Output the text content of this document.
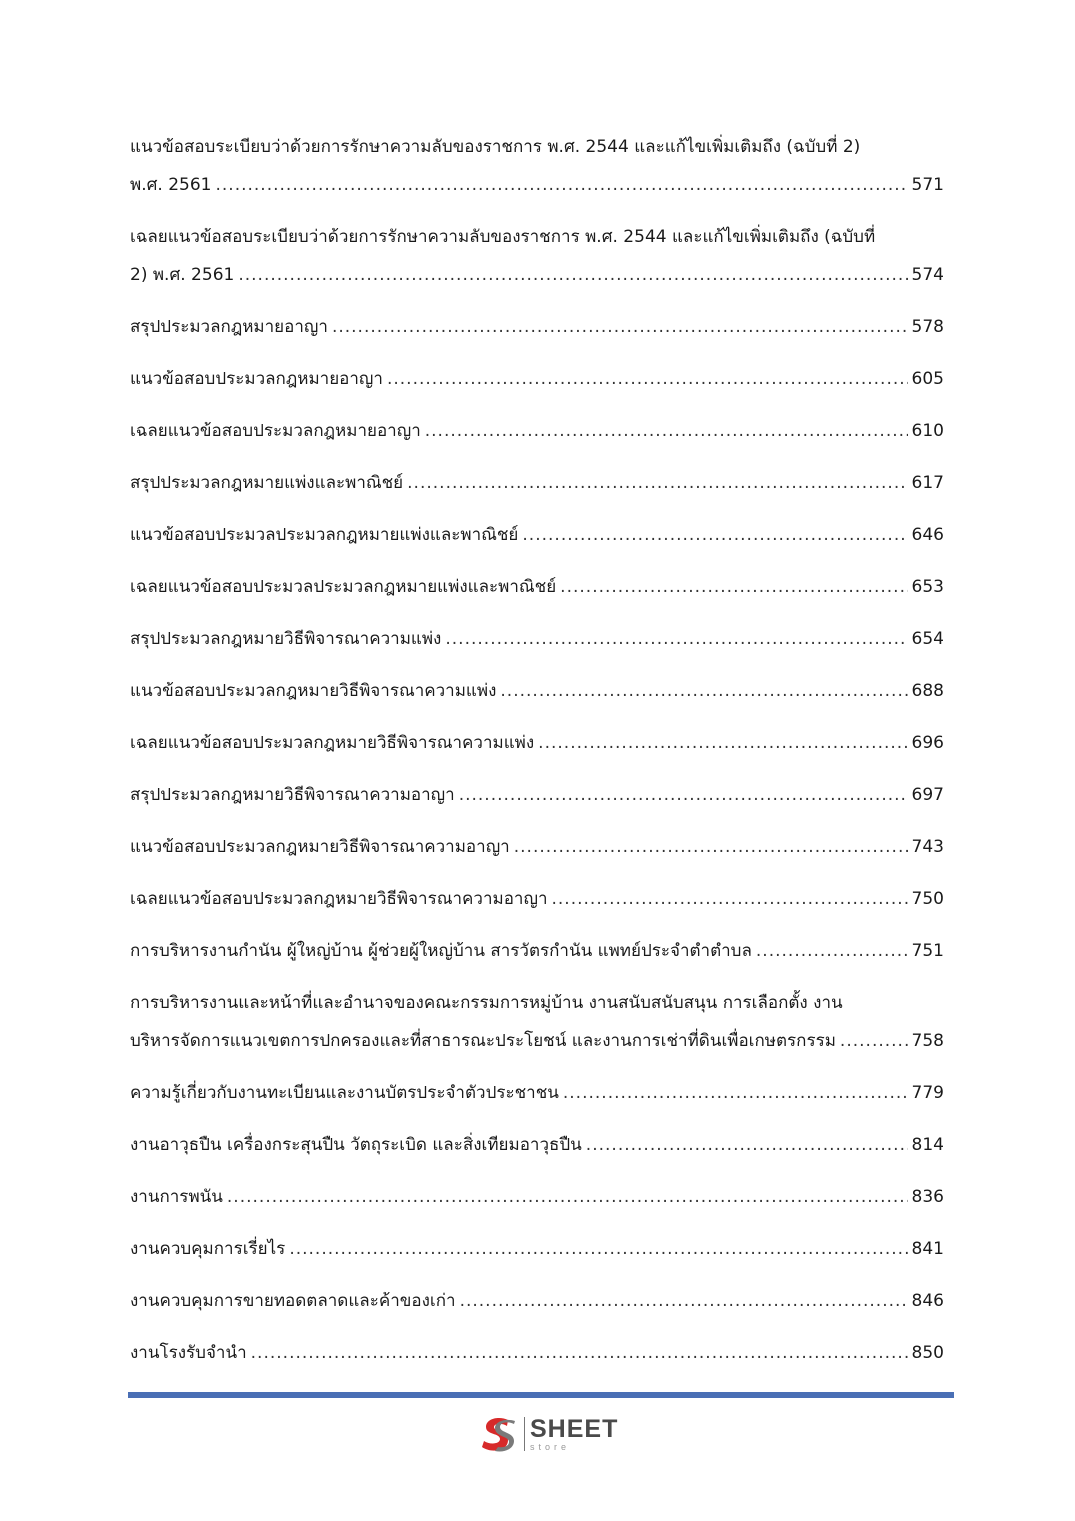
แนวข้อสอบระเบียบว่าด้วยการรักษาความลับของราชการ พ.ศ. 2544 และแก้ไขเพิ่มเติมถึง (ฉบับที่ 2)
พ.ศ. 2561 .....	571
เฉลยแนวข้อสอบระเบียบว่าด้วยการรักษาความลับของราชการ พ.ศ. 2544 และแก้ไขเพิ่มเติมถึง (ฉบับที่
2) พ.ศ. 2561 .....	574
สรุปประมวลกฎหมายอาญา .....	578
แนวข้อสอบประมวลกฎหมายอาญา .....	605
เฉลยแนวข้อสอบประมวลกฎหมายอาญา .....	610
สรุปประมวลกฎหมายแพ่งและพาณิชย์ .....	617
แนวข้อสอบประมวลประมวลกฎหมายแพ่งและพาณิชย์ .....	646
เฉลยแนวข้อสอบประมวลประมวลกฎหมายแพ่งและพาณิชย์ .....	653
สรุปประมวลกฎหมายวิธีพิจารณาความแพ่ง .....	654
แนวข้อสอบประมวลกฎหมายวิธีพิจารณาความแพ่ง .....	688
เฉลยแนวข้อสอบประมวลกฎหมายวิธีพิจารณาความแพ่ง .....	696
สรุปประมวลกฎหมายวิธีพิจารณาความอาญา .....	697
แนวข้อสอบประมวลกฎหมายวิธีพิจารณาความอาญา .....	743
เฉลยแนวข้อสอบประมวลกฎหมายวิธีพิจารณาความอาญา .....	750
การบริหารงานกำนัน ผู้ใหญ่บ้าน ผู้ช่วยผู้ใหญ่บ้าน สารวัตรกำนัน แพทย์ประจำตำตำบล .....	751
การบริหารงานและหน้าที่และอำนาจของคณะกรรมการหมู่บ้าน งานสนับสนับสนุน การเลือกตั้ง งาน
บริหารจัดการแนวเขตการปกครองและที่สาธารณะประโยชน์ และงานการเช่าที่ดินเพื่อเกษตรกรรม .....	758
ความรู้เกี่ยวกับงานทะเบียนและงานบัตรประจำตัวประชาชน .....	779
งานอาวุธปืน เครื่องกระสุนปืน วัตถุระเบิด และสิ่งเทียมอาวุธปืน .....	814
งานการพนัน .....	836
งานควบคุมการเรี่ยไร .....	841
งานควบคุมการขายทอดตลาดและค้าของเก่า .....	846
งานโรงรับจำนำ .....	850
SHEET
store
